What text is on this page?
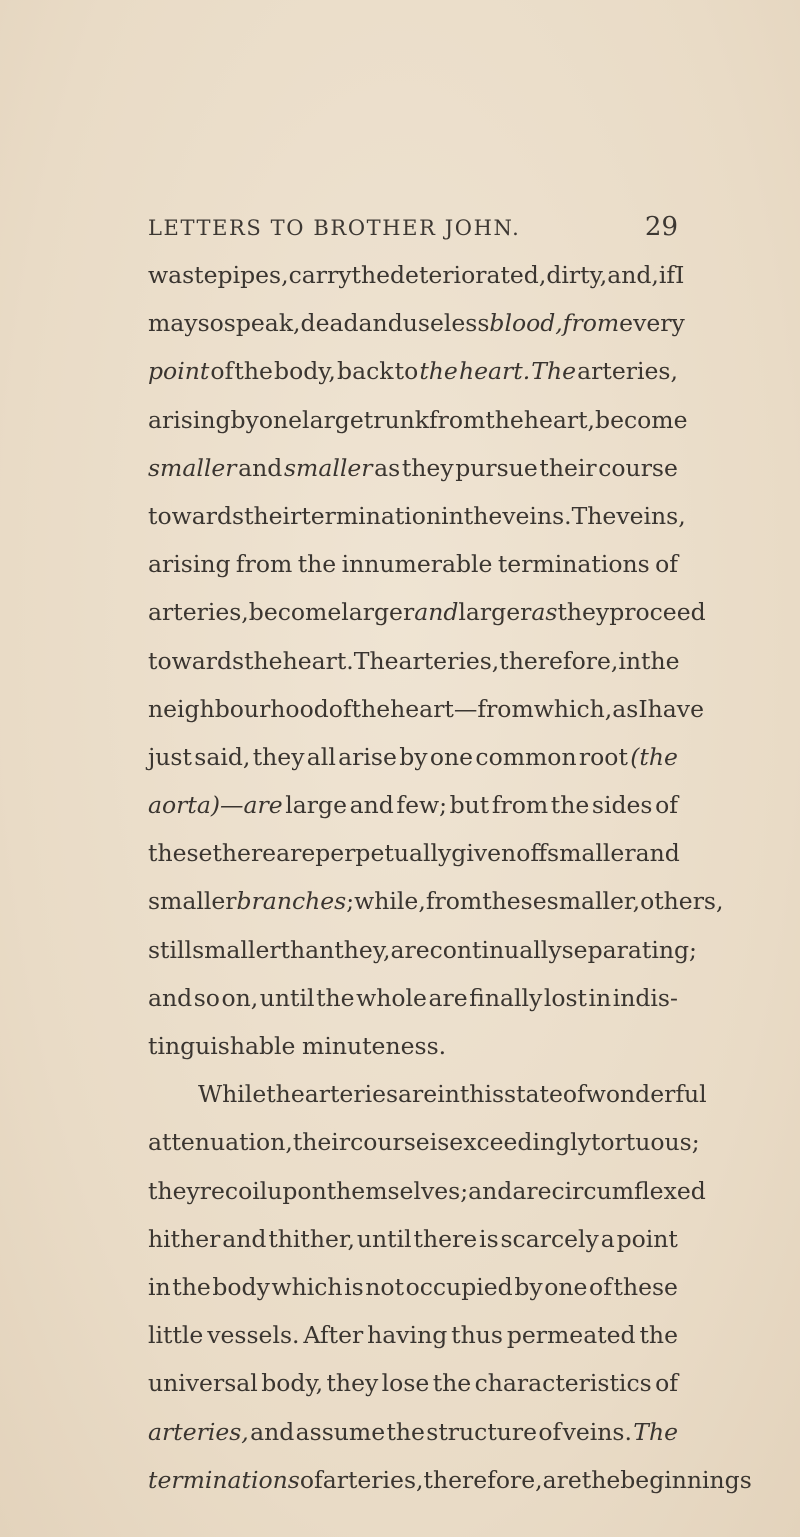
LETTERS TO BROTHER JOHN.	29
waste pipes, carry the deteriorated, dirty, and, if I
may so speak, dead and useless blood, from every
point of the body, back to the heart. The arteries,
arising by one large trunk from the heart, become
smaller and smaller as they pursue their course
towards their termination in the veins. The veins,
arising from the innumerable terminations of
arteries, become larger and larger as they proceed
towards the heart. The arteries, therefore, in the
neighbourhood of the heart—from which, as I have
just said, they all arise by one common root (the
aorta)—are large and few; but from the sides of
these there are perpetually given off smaller and
smaller branches ; while, from these smaller, others,
still smaller than they, are continually separating ;
and so on, until the whole are finally lost in indis-
tinguishable minuteness.
While the arteries are in this state of wonderful
attenuation, their course is exceedingly tortuous ;
they recoil upon themselves; and are circumflexed
hither and thither, until there is scarcely a point
in the body which is not occupied by one of these
little vessels. After having thus permeated the
universal body, they lose the characteristics of
arteries, and assume the structure of veins. The
terminations of arteries, therefore, are the beginnings
